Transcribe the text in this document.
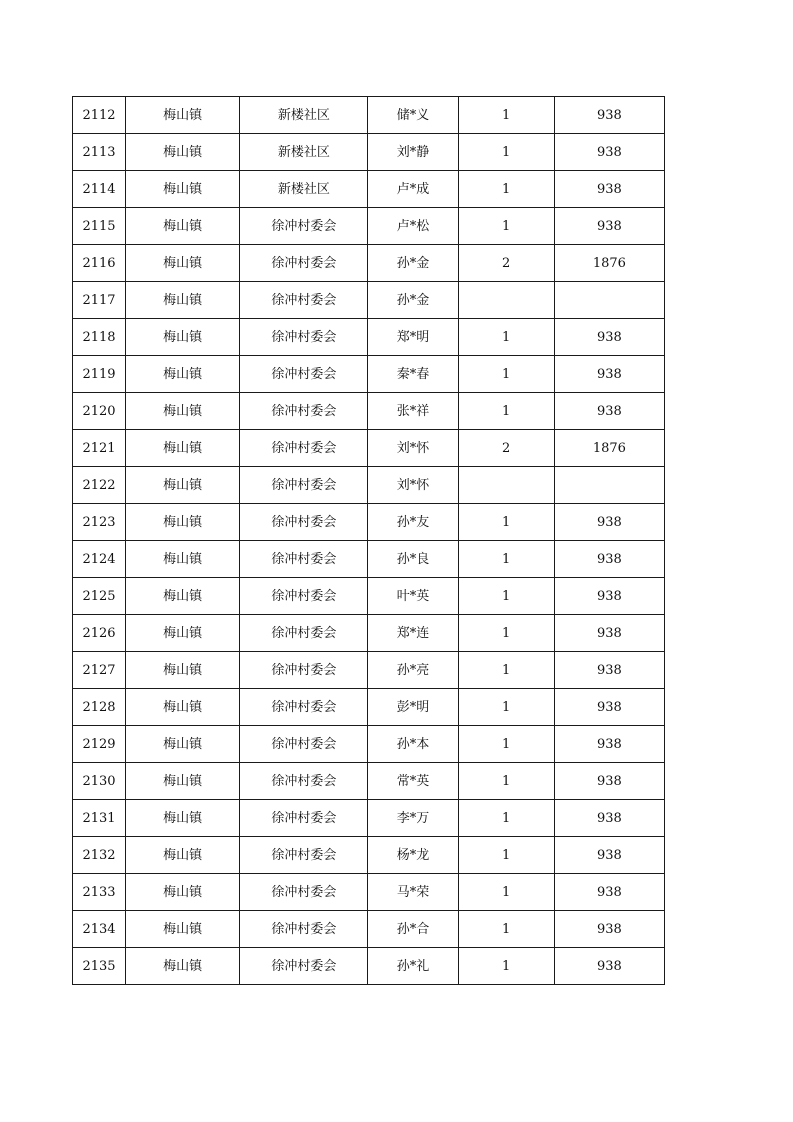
2112	梅山镇	新楼社区	储*义	1	938
2113	梅山镇	新楼社区	刘*静	1	938
2114	梅山镇	新楼社区	卢*成	1	938
2115	梅山镇	徐冲村委会	卢*松	1	938
2116	梅山镇	徐冲村委会	孙*金	2	1876
2117	梅山镇	徐冲村委会	孙*金		
2118	梅山镇	徐冲村委会	郑*明	1	938
2119	梅山镇	徐冲村委会	秦*春	1	938
2120	梅山镇	徐冲村委会	张*祥	1	938
2121	梅山镇	徐冲村委会	刘*怀	2	1876
2122	梅山镇	徐冲村委会	刘*怀		
2123	梅山镇	徐冲村委会	孙*友	1	938
2124	梅山镇	徐冲村委会	孙*良	1	938
2125	梅山镇	徐冲村委会	叶*英	1	938
2126	梅山镇	徐冲村委会	郑*连	1	938
2127	梅山镇	徐冲村委会	孙*亮	1	938
2128	梅山镇	徐冲村委会	彭*明	1	938
2129	梅山镇	徐冲村委会	孙*本	1	938
2130	梅山镇	徐冲村委会	常*英	1	938
2131	梅山镇	徐冲村委会	李*万	1	938
2132	梅山镇	徐冲村委会	杨*龙	1	938
2133	梅山镇	徐冲村委会	马*荣	1	938
2134	梅山镇	徐冲村委会	孙*合	1	938
2135	梅山镇	徐冲村委会	孙*礼	1	938
